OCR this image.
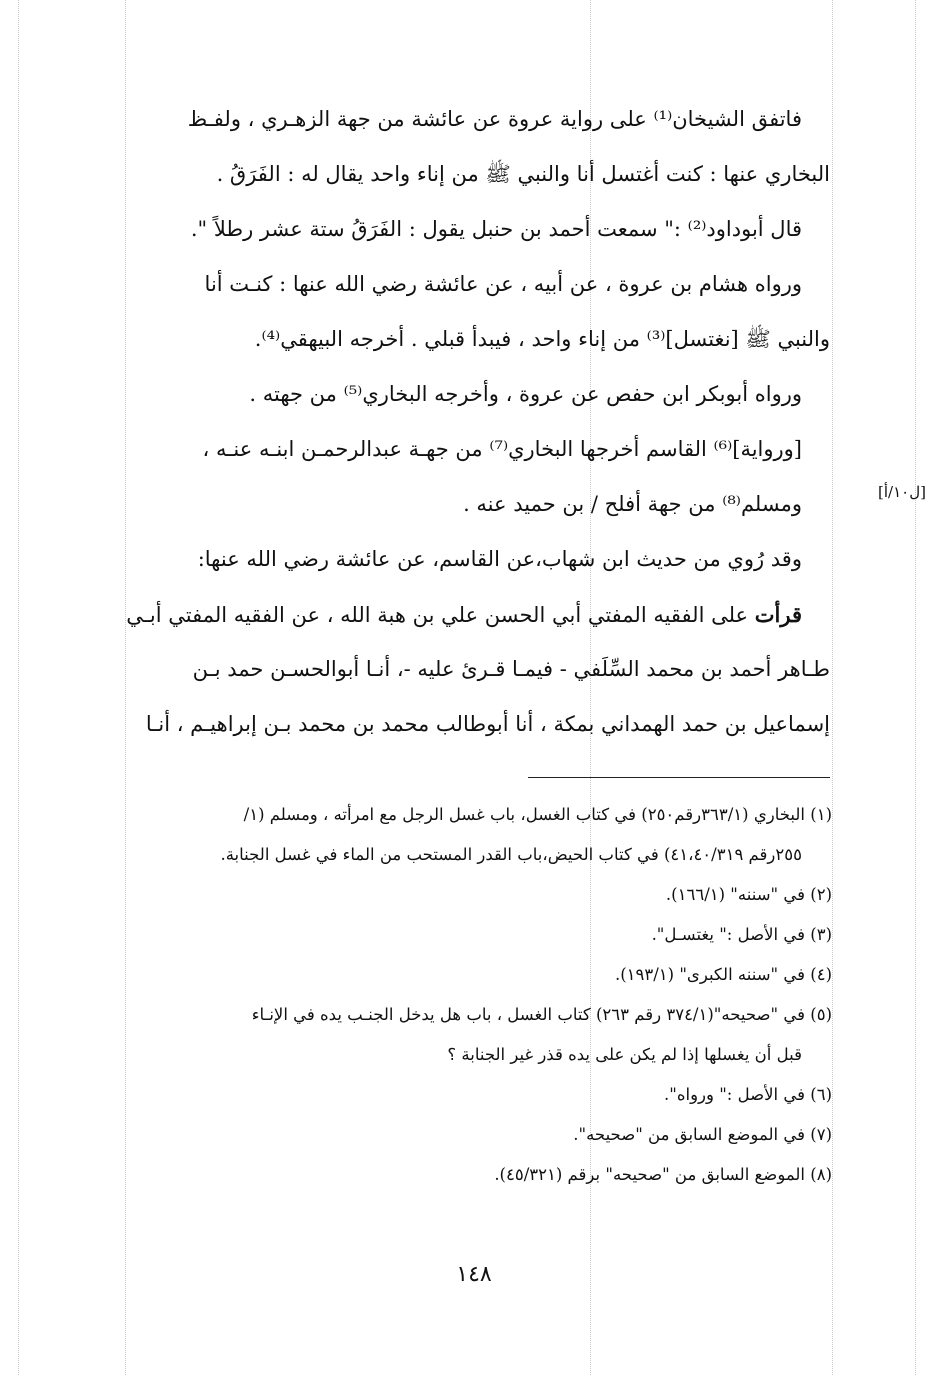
فاتفق الشيخان⁽¹⁾ على رواية عروة عن عائشة من جهة الزهـري ، ولفـظ
البخاري عنها : كنت أغتسل أنا والنبي ﷺ من إناء واحد يقال له : الفَرَقُ .
قال أبوداود⁽²⁾ :" سمعت أحمد بن حنبل يقول : الفَرَقُ ستة عشر رطلاً ".
ورواه هشام بن عروة ، عن أبيه ، عن عائشة رضي الله عنها : كنـت أنا
والنبي ﷺ [نغتسل]⁽³⁾ من إناء واحد ، فيبدأ قبلي . أخرجه البيهقي⁽⁴⁾.
ورواه أبوبكر ابن حفص عن عروة ، وأخرجه البخاري⁽⁵⁾ من جهته .
[ورواية]⁽⁶⁾ القاسم أخرجها البخاري⁽⁷⁾ من جهـة عبدالرحمـن ابنـه عنـه ،
ومسلم⁽⁸⁾ من جهة أفلح / بن حميد عنه .
وقد رُوي من حديث ابن شهاب،عن القاسم، عن عائشة رضي الله عنها:
قرأت على الفقيه المفتي أبي الحسن علي بن هبة الله ، عن الفقيه المفتي أبـي
طـاهر أحمد بن محمد السِّلَفي - فيمـا قـرئ عليه -، أنـا أبوالحسـن حمد بـن
إسماعيل بن حمد الهمداني بمكة ، أنا أبوطالب محمد بن محمد بـن إبراهيـم ، أنـا
[ل١٠/أ]
(١) البخاري (٣٦٣/١رقم٢٥٠) في كتاب الغسل، باب غسل الرجل مع امرأته ، ومسلم (١/
٢٥٥رقم ٤١،٤٠/٣١٩) في كتاب الحيض،باب القدر المستحب من الماء في غسل الجنابة.
(٢) في "سننه" (١٦٦/١).
(٣) في الأصل :" يغتسـل".
(٤) في "سننه الكبرى" (١٩٣/١).
(٥) في "صحيحه"(٣٧٤/١ رقم ٢٦٣) كتاب الغسل ، باب هل يدخل الجنـب يده في الإنـاء
قبل أن يغسلها إذا لم يكن على يده قذر غير الجنابة ؟
(٦) في الأصل :" ورواه".
(٧) في الموضع السابق من "صحيحه".
(٨) الموضع السابق من "صحيحه" برقم (٤٥/٣٢١).
١٤٨
